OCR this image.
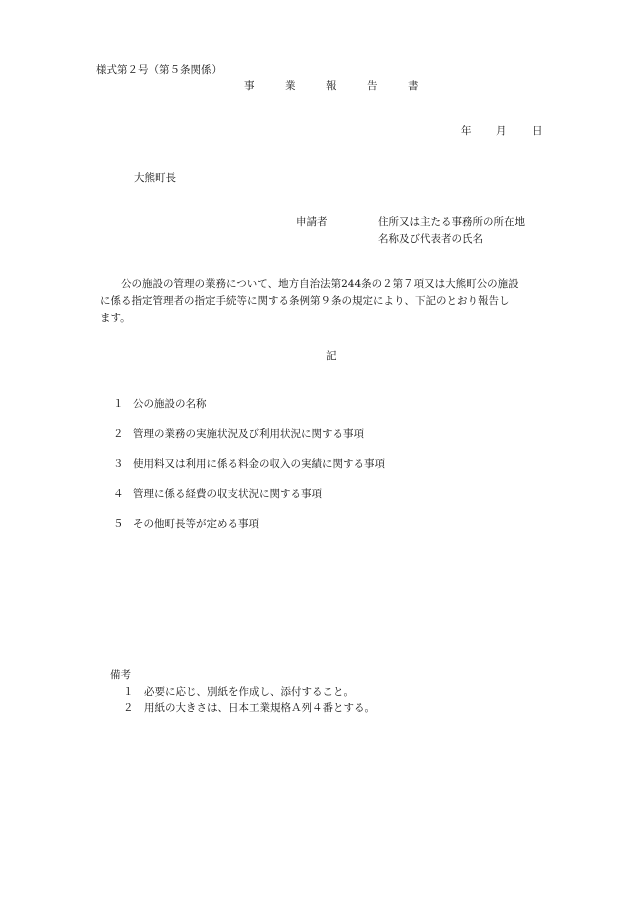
様式第２号（第５条関係）
事	業	報	告	書
年 月 日
大熊町長
申請者	住所又は主たる事務所の所在地
名称及び代表者の氏名
公の施設の管理の業務について、地方自治法第244条の２第７項又は大熊町公の施設
に係る指定管理者の指定手続等に関する条例第９条の規定により、下記のとおり報告し
ます。
記
１ 公の施設の名称
２ 管理の業務の実施状況及び利用状況に関する事項
３ 使用料又は利用に係る料金の収入の実績に関する事項
４ 管理に係る経費の収支状況に関する事項
５ その他町長等が定める事項
備考
１ 必要に応じ、別紙を作成し、添付すること。
２ 用紙の大きさは、日本工業規格Ａ列４番とする。
